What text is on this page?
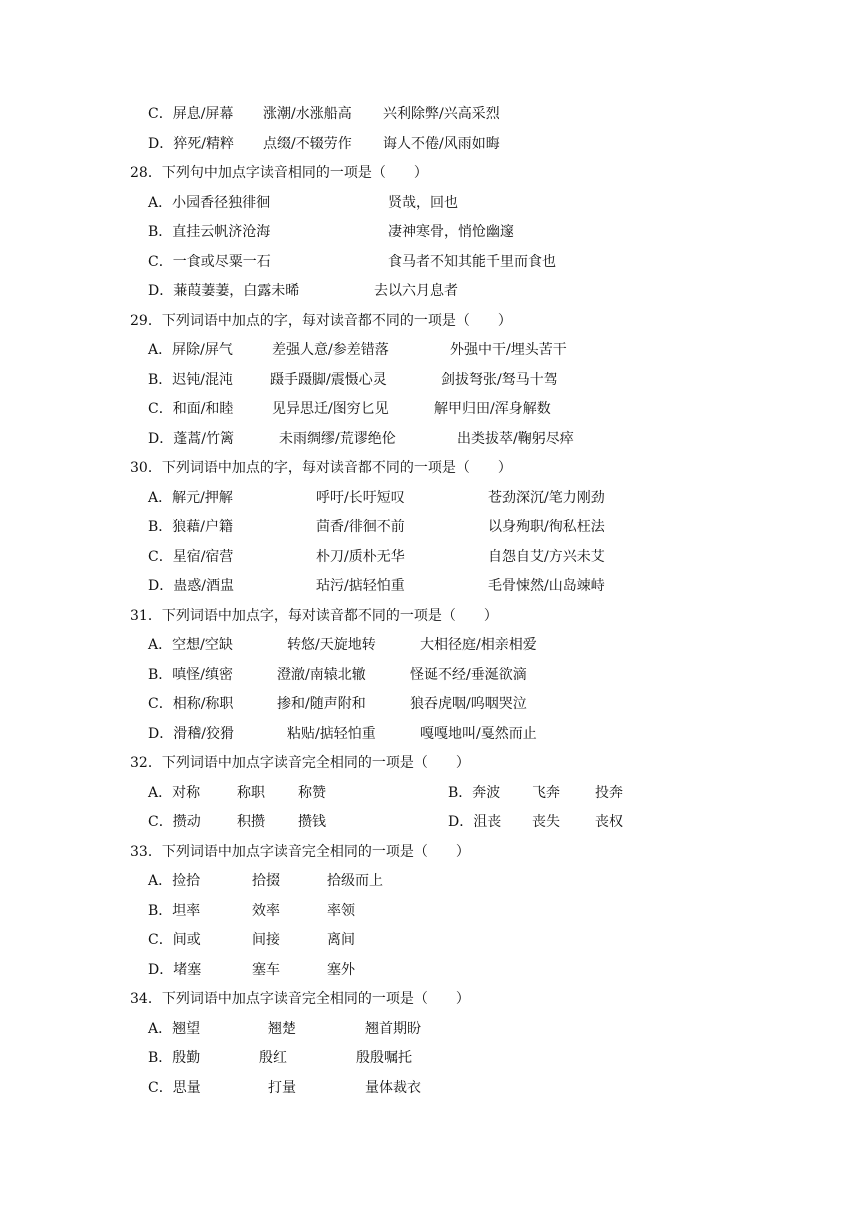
C．屏息/屏幕 涨潮/水涨船高 兴利除弊/兴高采烈
D．猝死/精粹 点缀/不辍劳作 诲人不倦/风雨如晦
28．下列句中加点字读音相同的一项是（　　）
A．小园香径独徘徊	贤哉，回也
B．直挂云帆济沧海	凄神寒骨，悄怆幽邃
C．一食或尽粟一石	食马者不知其能千里而食也
D．蒹葭萋萋，白露未晞	去以六月息者
29．下列词语中加点的字，每对读音都不同的一项是（　　）
A．屏除/屏气	差强人意/参差错落	外强中干/埋头苦干
B．迟钝/混沌	蹑手蹑脚/震慑心灵	剑拔弩张/驽马十驾
C．和面/和睦	见异思迁/图穷匕见	解甲归田/浑身解数
D．蓬蒿/竹篱	未雨绸缪/荒谬绝伦	出类拔萃/鞠躬尽瘁
30．下列词语中加点的字，每对读音都不同的一项是（　　）
A．解元/押解	呼吁/长吁短叹	苍劲深沉/笔力刚劲
B．狼藉/户籍	茴香/徘徊不前	以身殉职/徇私枉法
C．星宿/宿营	朴刀/质朴无华	自怨自艾/方兴未艾
D．蛊惑/酒盅	玷污/掂轻怕重	毛骨悚然/山岛竦峙
31．下列词语中加点字，每对读音都不同的一项是（　　）
A．空想/空缺	转悠/天旋地转	大相径庭/相亲相爱
B．嗔怪/缜密	澄澈/南辕北辙	怪诞不经/垂涎欲滴
C．相称/称职	掺和/随声附和	狼吞虎咽/呜咽哭泣
D．滑稽/狡猾	粘贴/掂轻怕重	嘎嘎地叫/戛然而止
32．下列词语中加点字读音完全相同的一项是（　　）
A．对称	称职 称赞	B．奔波 飞奔	投奔
C．攒动	积攒 攒钱	D．沮丧 丧失	丧权
33．下列词语中加点字读音完全相同的一项是（　　）
A．捡拾	拾掇	拾级而上
B．坦率	效率	率领
C．间或	间接	离间
D．堵塞	塞车	塞外
34．下列词语中加点字读音完全相同的一项是（　　）
A．翘望	翘楚	翘首期盼
B．殷勤	殷红	殷殷嘱托
C．思量	打量	量体裁衣
